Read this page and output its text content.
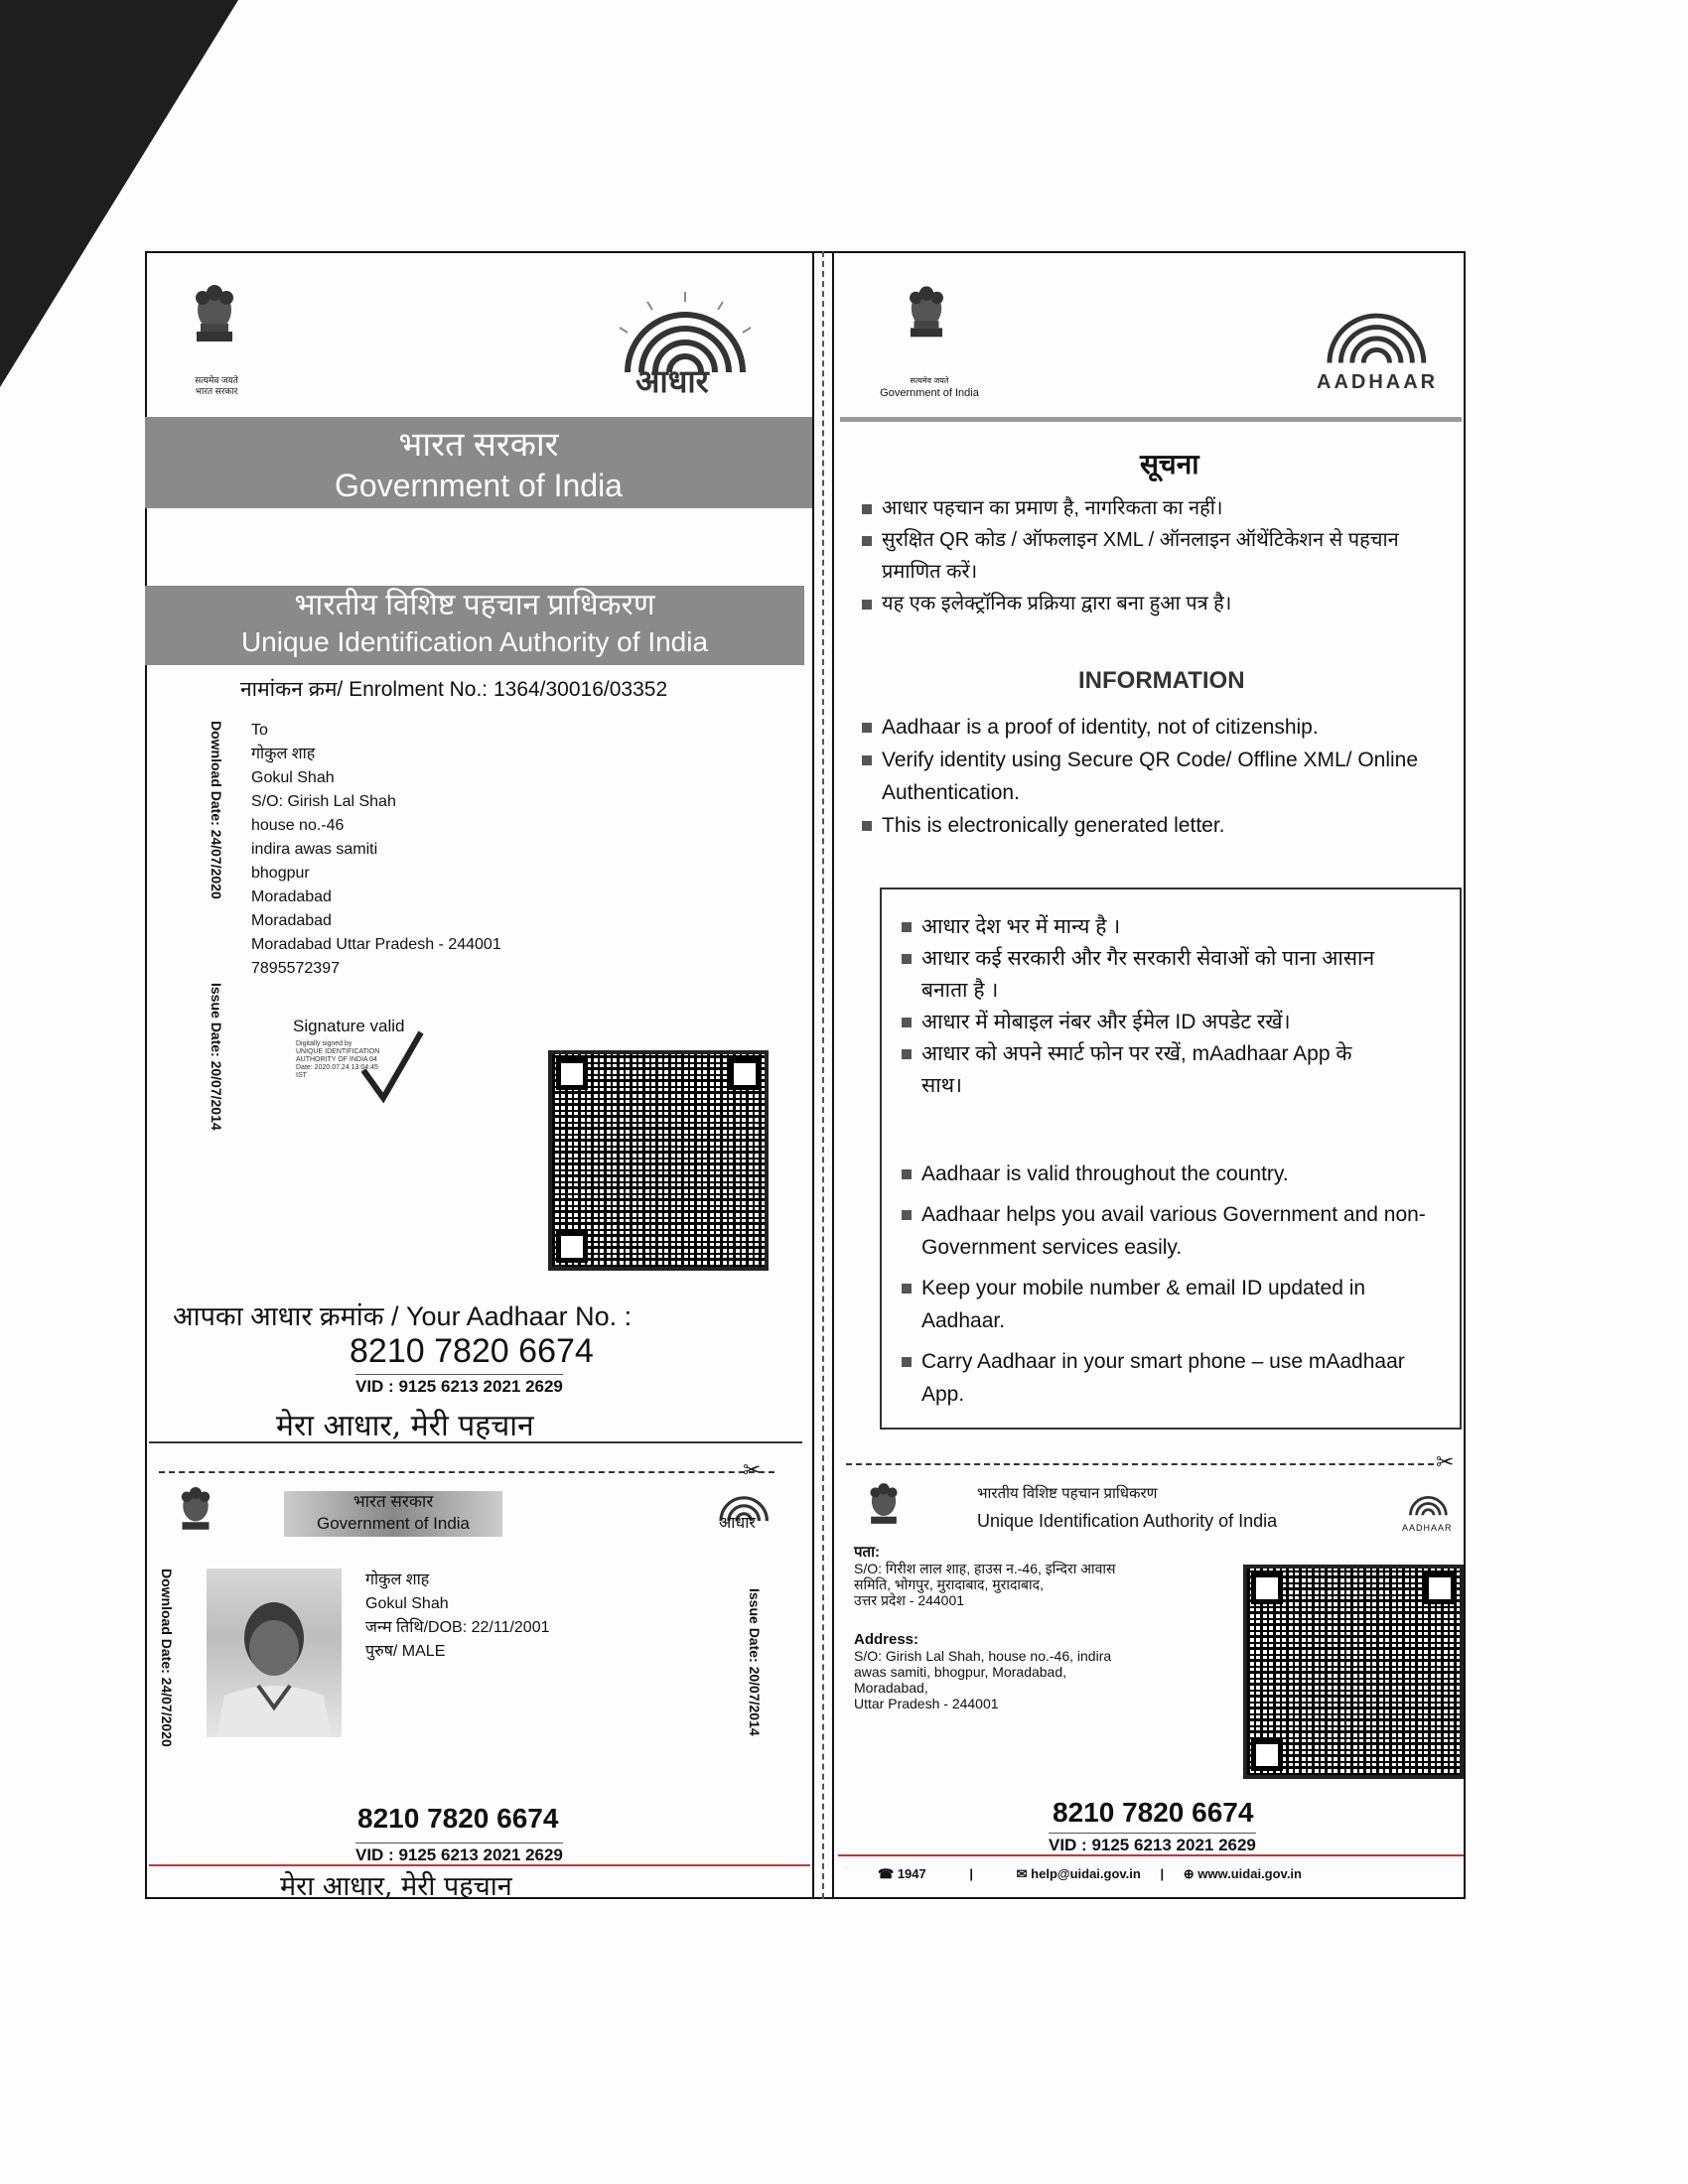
सत्यमेव जयते
भारत सरकार	आधार
भारत सरकार
Government of India
भारतीय विशिष्ट पहचान प्राधिकरण
Unique Identification Authority of India
नामांकन क्रम/ Enrolment No.: 1364/30016/03352
Download Date: 24/07/2020
Issue Date: 20/07/2014
To
गोकुल शाह
Gokul Shah
S/O: Girish Lal Shah
house no.-46
indira awas samiti
bhogpur
Moradabad
Moradabad
Moradabad Uttar Pradesh - 244001
7895572397
Signature valid
Digitally signed by
UNIQUE IDENTIFICATION
AUTHORITY OF INDIA 04
Date: 2020.07.24 13:04:45
IST
आपका आधार क्रमांक / Your Aadhaar No. :
8210 7820 6674
VID : 9125 6213 2021 2629
मेरा आधार, मेरी पहचान
✂
सत्यमेव जयते
Government of India	AADHAAR
सूचना
आधार पहचान का प्रमाण है, नागरिकता का नहीं।
सुरक्षित QR कोड / ऑफलाइन XML / ऑनलाइन ऑथेंटिकेशन से पहचान प्रमाणित करें।
यह एक इलेक्ट्रॉनिक प्रक्रिया द्वारा बना हुआ पत्र है।
INFORMATION
Aadhaar is a proof of identity, not of citizenship.
Verify identity using Secure QR Code/ Offline XML/ Online Authentication.
This is electronically generated letter.
आधार देश भर में मान्य है ।
आधार कई सरकारी और गैर सरकारी सेवाओं को पाना आसान बनाता है ।
आधार में मोबाइल नंबर और ईमेल ID अपडेट रखें।
आधार को अपने स्मार्ट फोन पर रखें, mAadhaar App के साथ।
Aadhaar is valid throughout the country.
Aadhaar helps you avail various Government and non-Government services easily.
Keep your mobile number & email ID updated in Aadhaar.
Carry Aadhaar in your smart phone – use mAadhaar App.
✂
भारत सरकार
Government of India	आधार
Download Date: 24/07/2020	Issue Date: 20/07/2014
गोकुल शाह
Gokul Shah
जन्म तिथि/DOB: 22/11/2001
पुरुष/ MALE
8210 7820 6674
VID : 9125 6213 2021 2629
मेरा आधार, मेरी पहचान
भारतीय विशिष्ट पहचान प्राधिकरण
Unique Identification Authority of India	AADHAAR
पता:
S/O: गिरीश लाल शाह, हाउस न.-46, इन्दिरा आवास
समिति, भोगपुर, मुरादाबाद, मुरादाबाद,
उत्तर प्रदेश - 244001
Address:
S/O: Girish Lal Shah, house no.-46, indira
awas samiti, bhogpur, Moradabad,
Moradabad,
Uttar Pradesh - 244001
8210 7820 6674
VID : 9125 6213 2021 2629
☎ 1947	|	✉ help@uidai.gov.in | ⊕ www.uidai.gov.in
